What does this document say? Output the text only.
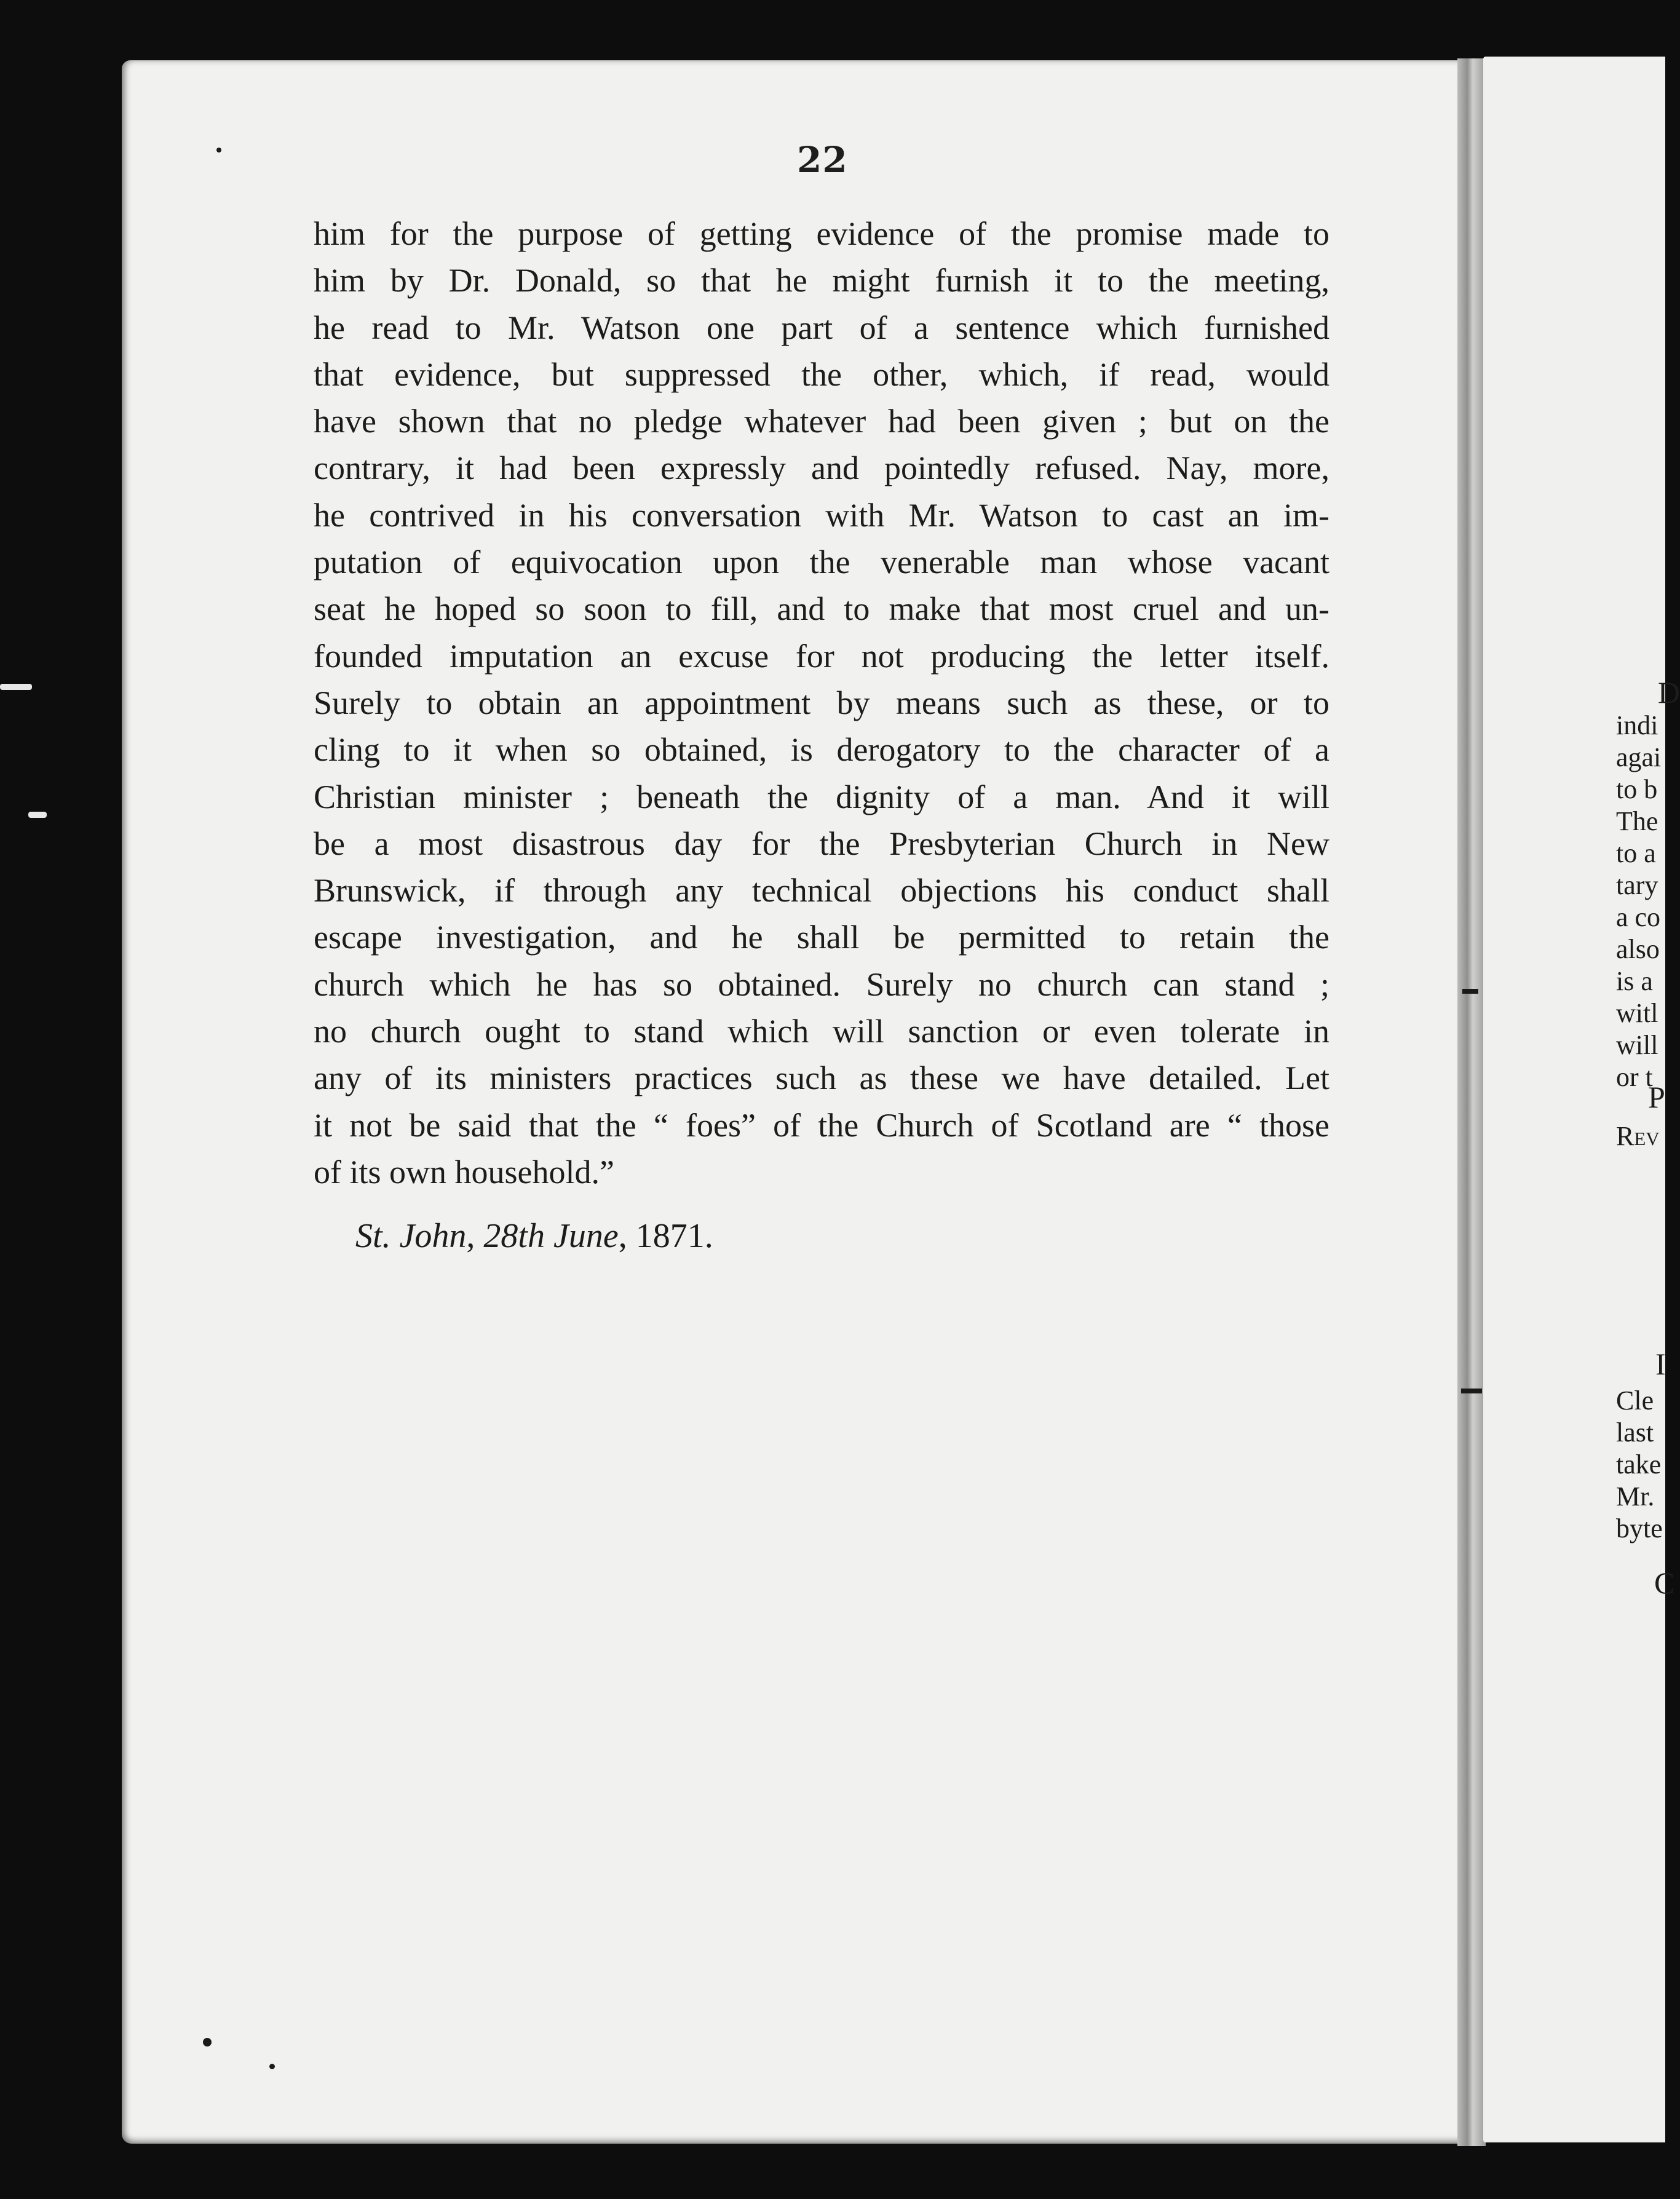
22
him for the purpose of getting evidence of the promise made to
him by Dr. Donald, so that he might furnish it to the meeting,
he read to Mr. Watson one part of a sentence which furnished
that evidence, but suppressed the other, which, if read, would
have shown that no pledge whatever had been given ; but on the
contrary, it had been expressly and pointedly refused. Nay, more,
he contrived in his conversation with Mr. Watson to cast an im-
putation of equivocation upon the venerable man whose vacant
seat he hoped so soon to fill, and to make that most cruel and un-
founded imputation an excuse for not producing the letter itself.
Surely to obtain an appointment by means such as these, or to
cling to it when so obtained, is derogatory to the character of a
Christian minister ; beneath the dignity of a man. And it will
be a most disastrous day for the Presbyterian Church in New
Brunswick, if through any technical objections his conduct shall
escape investigation, and he shall be permitted to retain the
church which he has so obtained. Surely no church can stand ;
no church ought to stand which will sanction or even tolerate in
any of its ministers practices such as these we have detailed. Let
it not be said that the “ foes” of the Church of Scotland are “ those
of its own household.”
St. John, 28th June, 1871.
D
indi
agai
to b
The
to a
tary
a co
also
is a
witl
will
or t
P
Rev
I
Cle
last
take
Mr.
byte
C
